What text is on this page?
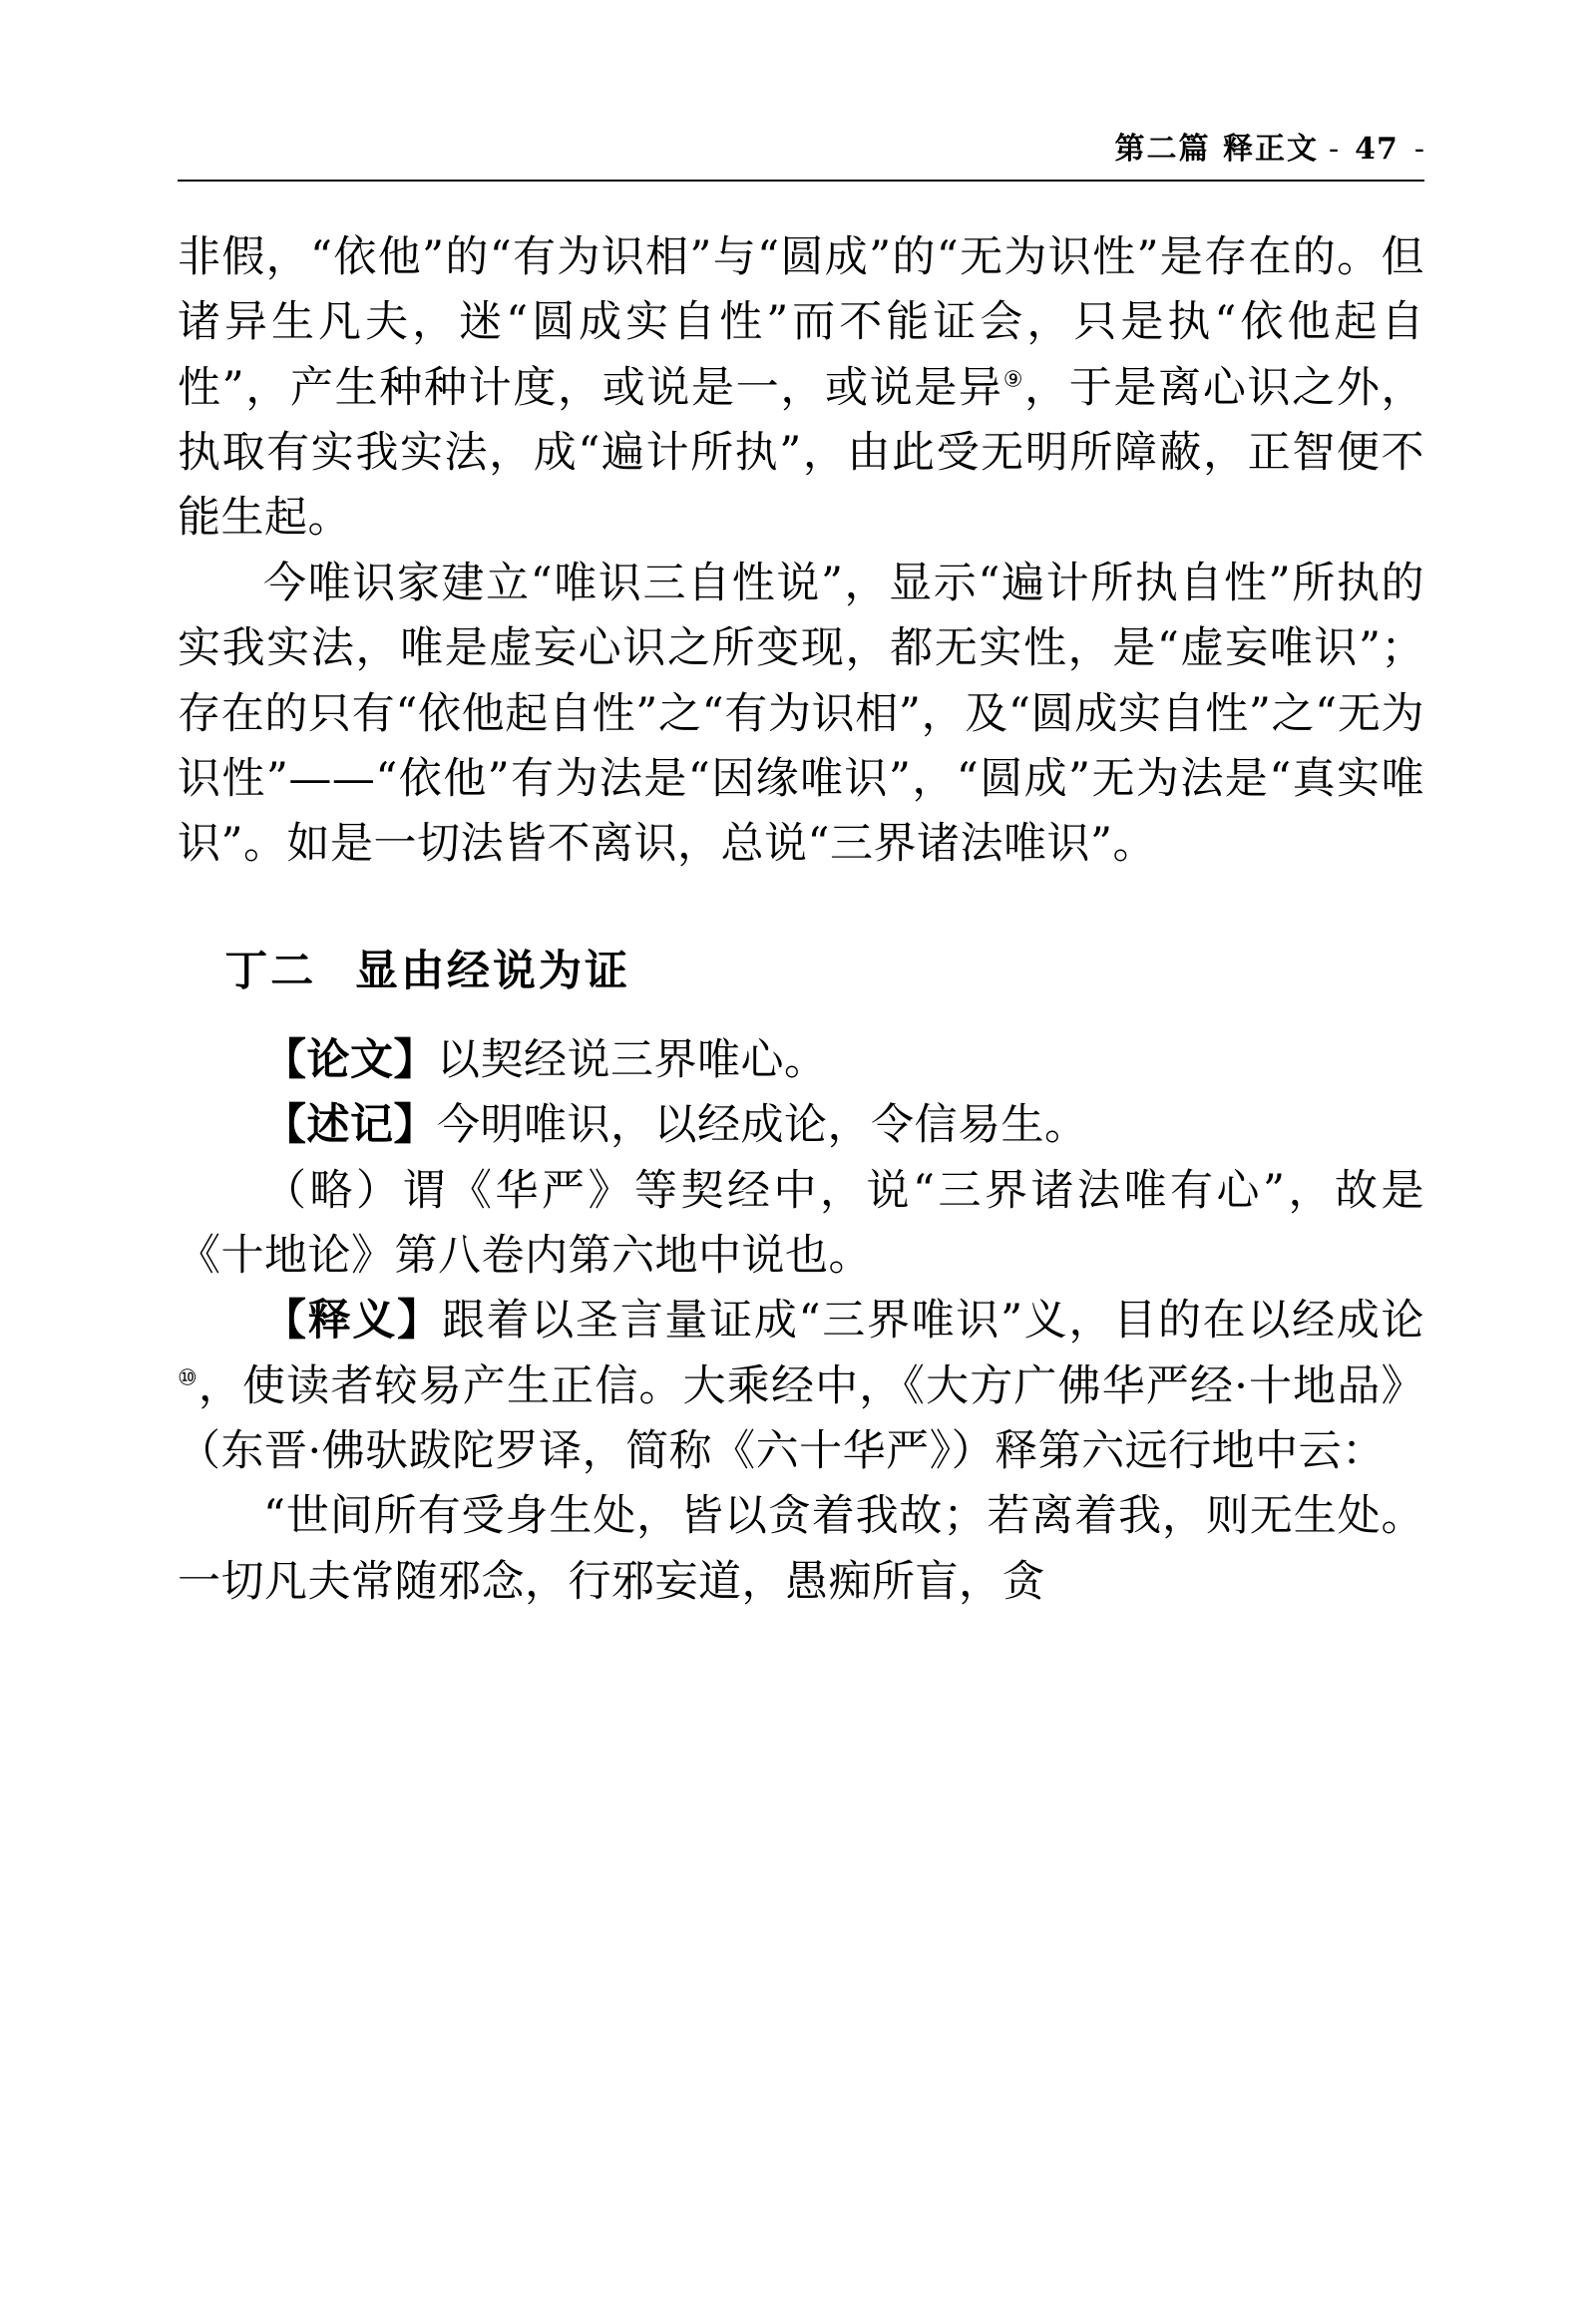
第二篇 释正文 - 47 -

非假，“依他”的“有为识相”与“圆成”的“无为识性”是存在的。但诸异生凡夫，迷“圆成实自性”而不能证会，只是执“依他起自性”，产生种种计度，或说是一，或说是异⑨，于是离心识之外，执取有实我实法，成“遍计所执”，由此受无明所障蔽，正智便不能生起。

今唯识家建立“唯识三自性说”，显示“遍计所执自性”所执的实我实法，唯是虚妄心识之所变现，都无实性，是“虚妄唯识”；存在的只有“依他起自性”之“有为识相”，及“圆成实自性”之“无为识性”——“依他”有为法是“因缘唯识”，“圆成”无为法是“真实唯识”。如是一切法皆不离识，总说“三界诸法唯识”。

丁二 显由经说为证

【论文】以契经说三界唯心。

【述记】今明唯识，以经成论，令信易生。

（略）谓《华严》等契经中，说“三界诸法唯有心”，故是《十地论》第八卷内第六地中说也。

【释义】跟着以圣言量证成“三界唯识”义，目的在以经成论⑩，使读者较易产生正信。大乘经中，《大方广佛华严经·十地品》（东晋·佛驮跋陀罗译，简称《六十华严》）释第六远行地中云：

“世间所有受身生处，皆以贪着我故；若离着我，则无生处。一切凡夫常随邪念，行邪妄道，愚痴所盲，贪
